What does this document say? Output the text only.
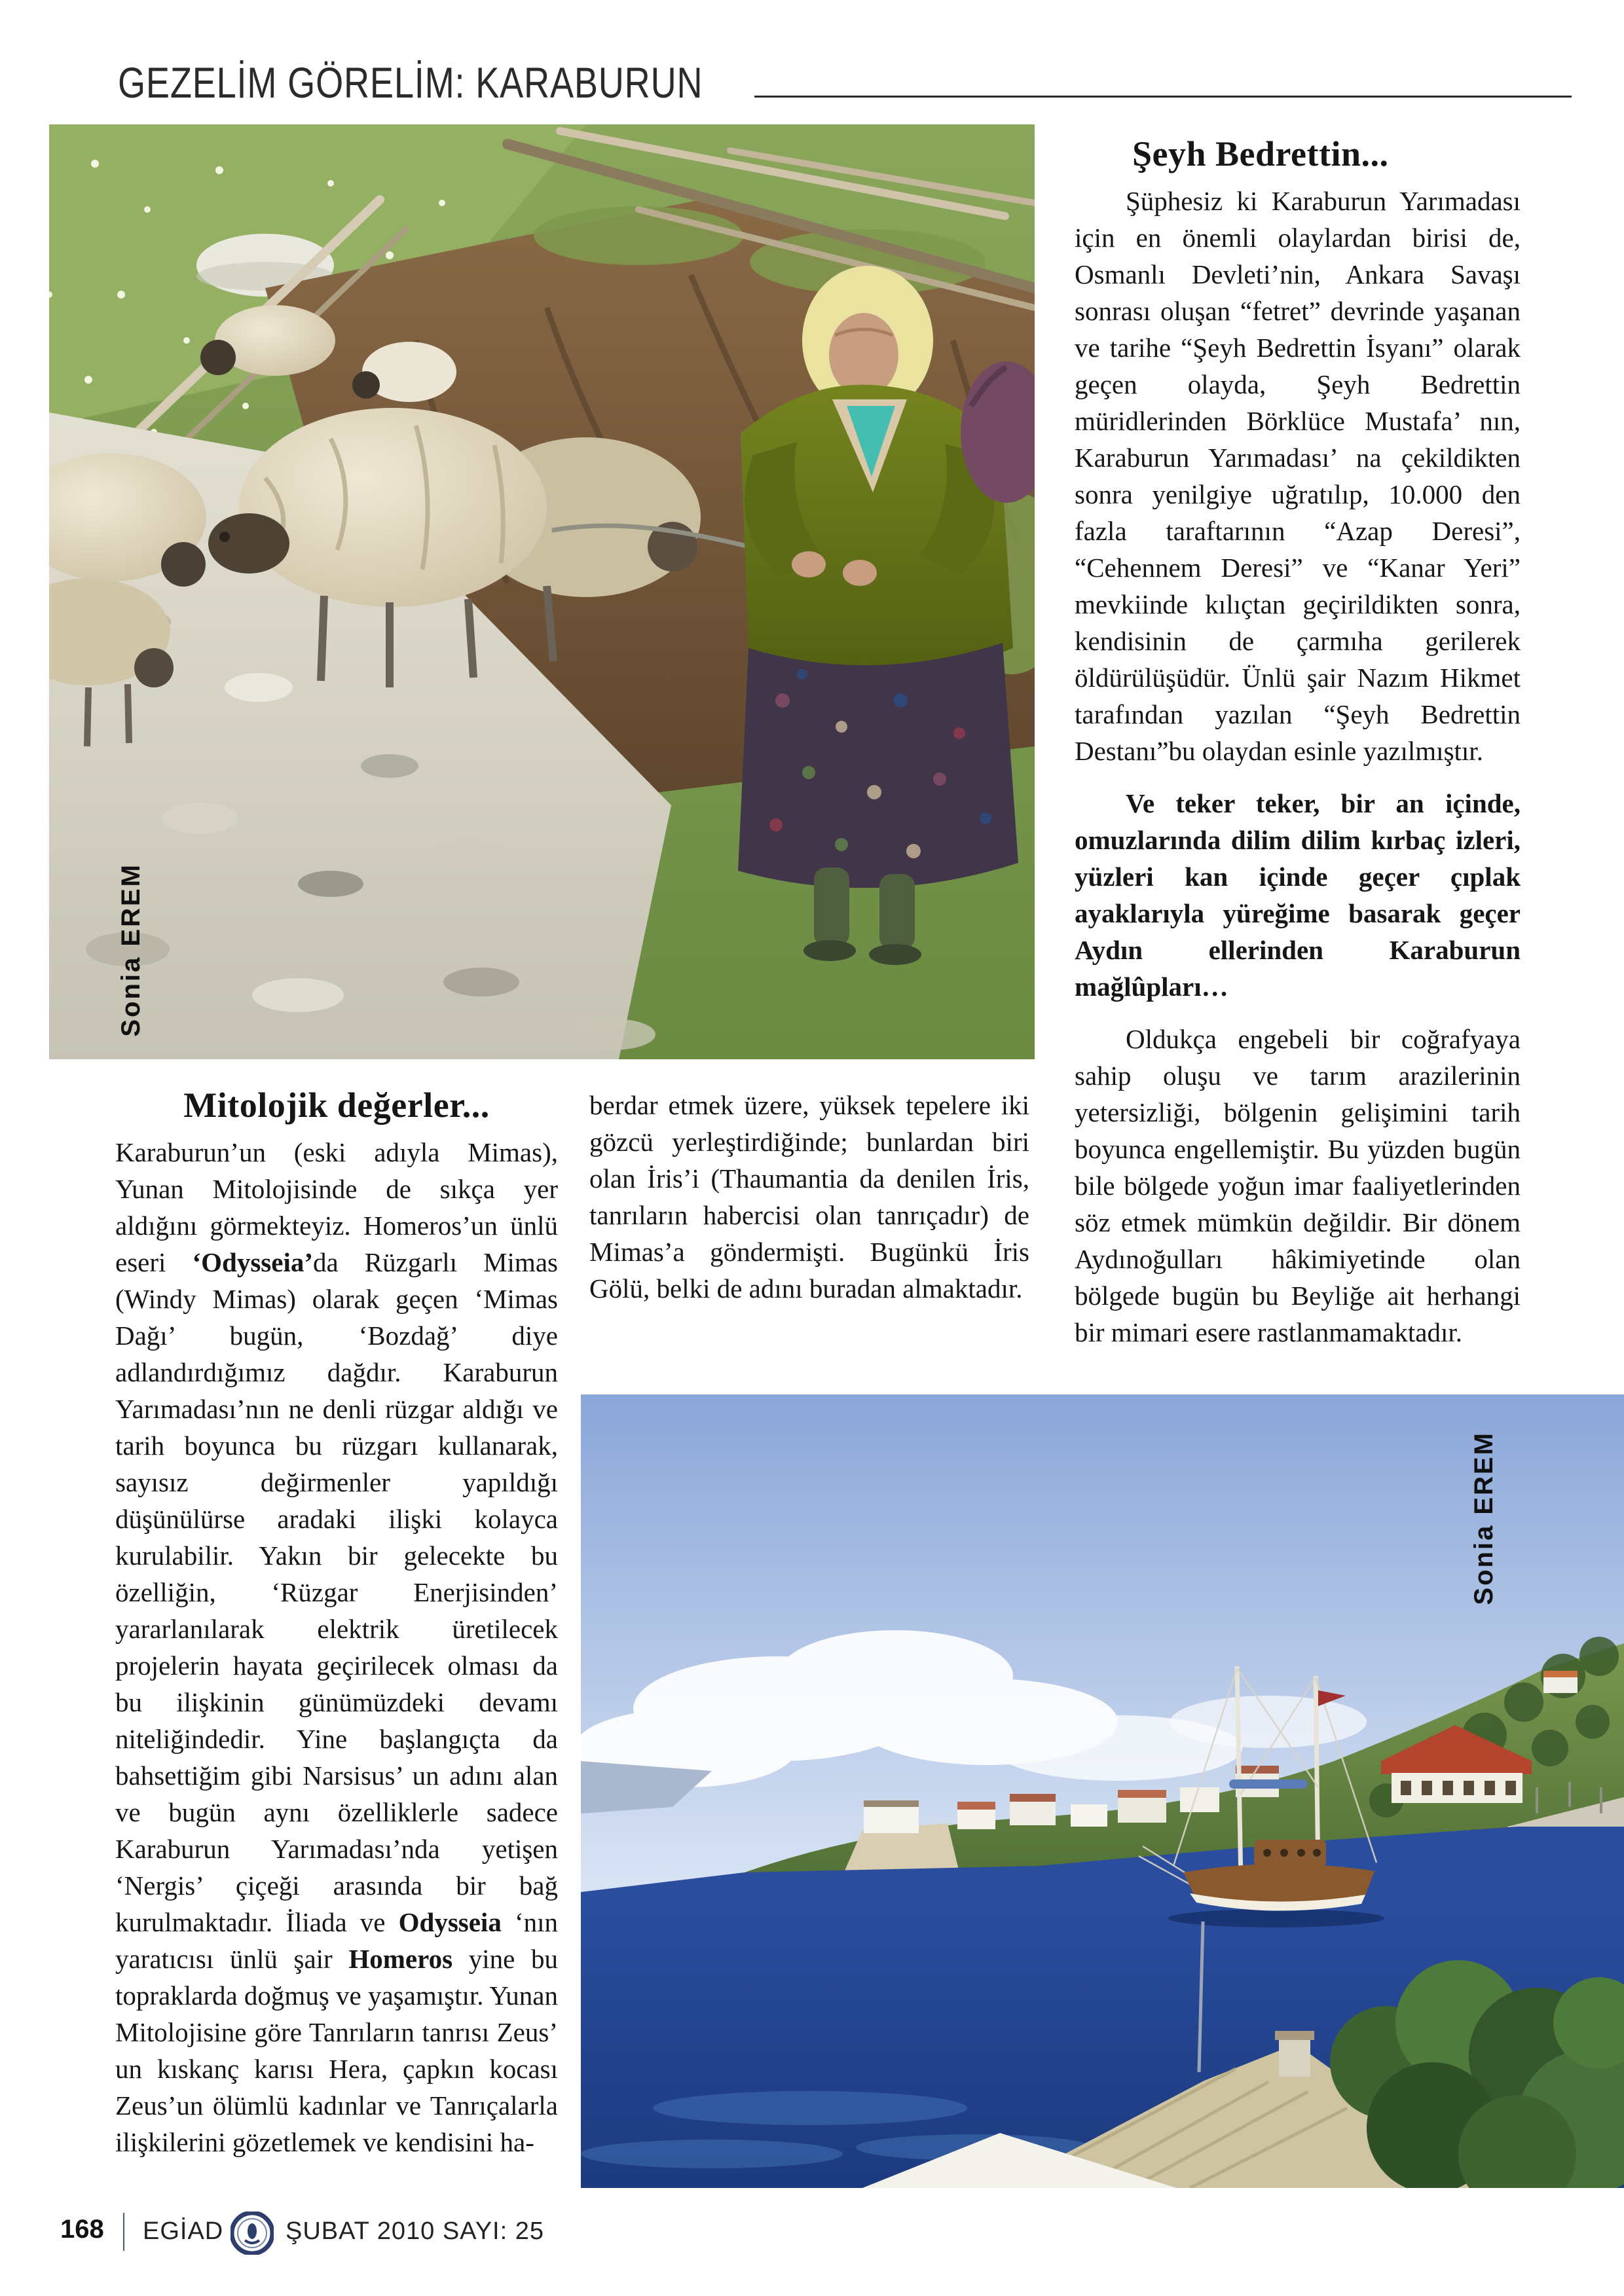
GEZELİM GÖRELİM: KARABURUN
Sonia EREM
Şeyh Bedrettin...

Şüphesiz ki Karaburun Yarımadası için en önemli olaylardan birisi de, Osmanlı Devleti’nin, Ankara Savaşı sonrası oluşan “fetret” devrinde yaşanan ve tarihe “Şeyh Bedrettin İsyanı” olarak geçen olayda, Şeyh Bedrettin müridlerinden Börklüce Mustafa’ nın, Karaburun Yarımadası’ na çekildikten sonra yenilgiye uğratılıp, 10.000 den fazla taraftarının “Azap Deresi”, “Cehennem Deresi” ve “Kanar Yeri” mevkiinde kılıçtan geçirildikten sonra, kendisinin de çarmıha gerilerek öldürülüşüdür. Ünlü şair Nazım Hikmet tarafından yazılan “Şeyh Bedrettin Destanı”bu olaydan esinle yazılmıştır.

Ve teker teker, bir an içinde, omuzlarında dilim dilim kırbaç izleri, yüzleri kan içinde geçer çıplak ayaklarıyla yüreğime basarak geçer Aydın ellerinden Karaburun mağlûpları…

Oldukça engebeli bir coğrafyaya sahip oluşu ve tarım arazilerinin yetersizliği, bölgenin gelişimini tarih boyunca engellemiştir. Bu yüzden bugün bile bölgede yoğun imar faaliyetlerinden söz etmek mümkün değildir. Bir dönem Aydınoğulları hâkimiyetinde olan bölgede bugün bu Beyliğe ait herhangi bir mimari esere rastlanmamaktadır.

Mitolojik değerler...

Karaburun’un (eski adıyla Mimas), Yunan Mitolojisinde de sıkça yer aldığını görmekteyiz. Homeros’un ünlü eseri ‘Odysseia’da Rüzgarlı Mimas (Windy Mimas) olarak geçen ‘Mimas Dağı’ bugün, ‘Bozdağ’ diye adlandırdığımız dağdır. Karaburun Yarımadası’nın ne denli rüzgar aldığı ve tarih boyunca bu rüzgarı kullanarak, sayısız değirmenler yapıldığı düşünülürse aradaki ilişki kolayca kurulabilir. Yakın bir gelecekte bu özelliğin, ‘Rüzgar Enerjisinden’ yararlanılarak elektrik üretilecek projelerin hayata geçirilecek olması da bu ilişkinin günümüzdeki devamı niteliğindedir. Yine başlangıçta da bahsettiğim gibi Narsisus’ un adını alan ve bugün aynı özelliklerle sadece Karaburun Yarımadası’nda yetişen ‘Nergis’ çiçeği arasında bir bağ kurulmaktadır. İliada ve Odysseia ‘nın yaratıcısı ünlü şair Homeros yine bu topraklarda doğmuş ve yaşamıştır. Yunan Mitolojisine göre Tanrıların tanrısı Zeus’ un kıskanç karısı Hera, çapkın kocası Zeus’un ölümlü kadınlar ve Tanrıçalarla ilişkilerini gözetlemek ve kendisini ha-

berdar etmek üzere, yüksek tepelere iki gözcü yerleştirdiğinde; bunlardan biri olan İris’i (Thaumantia da denilen İris, tanrıların habercisi olan tanrıçadır) de Mimas’a göndermişti. Bugünkü İris Gölü, belki de adını buradan almaktadır.

Sonia EREM
168 EGİAD ŞUBAT 2010 SAYI: 25
